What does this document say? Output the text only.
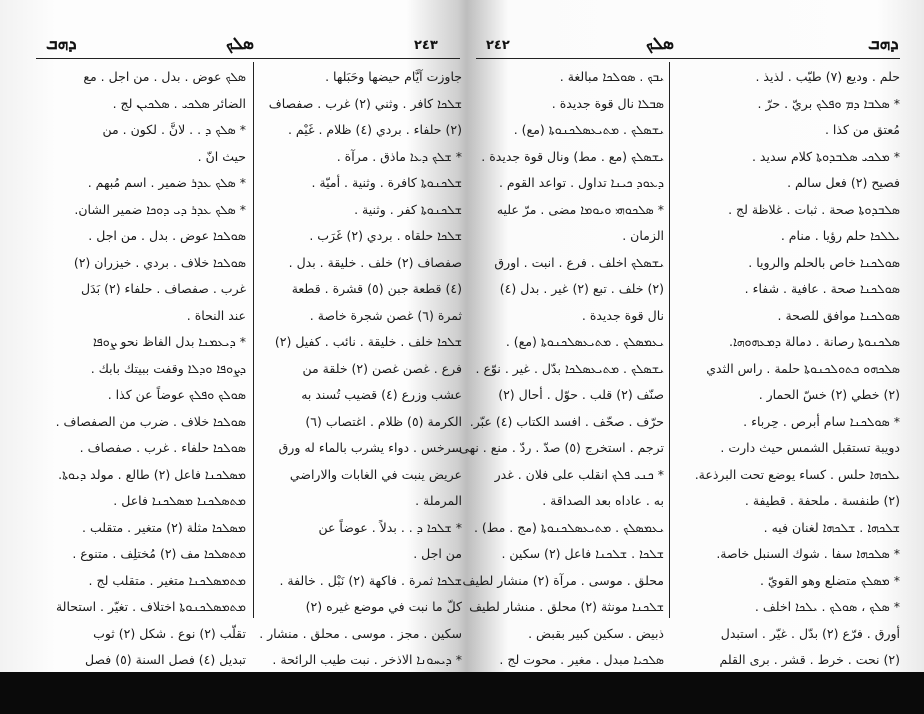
ܕܗܒ	ܣܠܟ	٢٤٣
ܣܠܟ عوض . بدل . من اجل . مع
الضائر ܣܠܟܝ . ܣܠܟܝܢ لج .
* ܣܠܟ ܕ . . لانَّ . لكون . من
حيث انّ .
* ܣܠܟ ܥܕܪ ضمير . اسم مُبهم .
* ܣܠܟ ܥܕܪ ܕܝ ܕܘܟܐ ضمير الشان.
ܣܘܠܟܐ عوض . بدل . من اجل .
ܣܘܠܟܐ خلاف . بردي . خيزران (٢)
غرب . صفصاف . حلفاء (٢) بَدَل
عند النحاة .
* ܕܝܥܡܢܐ بدل الفاظ نحو ܨܘܦܐ
ܕܨܘܦܐ ܘܕܠܐ وقفت ببيتك بابك .
ܣܘܠܟ ܘܦܠܟ عوضاً عن كذا .
ܣܘܠܟܐ خلاف . ضرب من الصفصاف .
ܣܘܠܟܐ حلفاء . غرب . صفصاف .
ܡܣܠܟܢܐ فاعل (٢) طالع . مولد ܕܝܘܬܐ.
ܡܬܣܠܟܢܐ ܡܣܠܟܢܐ فاعل .
ܡܣܠܟܐ مثلة (٢) متغير . متقلب .
ܡܬܣܠܟܐ مف (٢) مُختلِف . متنوع .
ܡܬܡܣܠܟܢܐ متغير . متقلب لج .
ܡܬܡܣܠܟܢܘܬܐ اختلاف . تغيّر . استحالة
تقلّب (٢) نوع . شكل (٢) ثوب
تبديل (٤) فصل السنة (٥) فصل
جاوزت آيَّام حيضها وحَبَلها .
ܫܠܟܐ كافر . وثني (٢) غرب . صفصاف
(٢) حلفاء . بردي (٤) ظلام . غَيْم .
* ܫܠܟ ܕܥܐ ماذق . مرآة .
ܫܠܟܢܘܬܐ كافرة . وثنية . أميّة .
ܫܠܟܢܘܬܐ كفر . وثنية .
ܫܠܟܐ حلقاه . بردي (٢) غَرَب .
صفصاف (٢) خلف . خليقة . بدل .
(٤) قطعة جبن (٥) قشرة . قطعة
ثمرة (٦) غصن شجرة خاصة .
ܫܠܟܐ خلف . خليقة . نائب . كفيل (٢)
فرع . غصن غصن (٢) خلقة من
عشب وزرع (٤) قضيب تُسند به
الكرمة (٥) ظلام . اغتصاب (٦)
سرخس . دواء يشرب بالماء له ورق
عريض ينبت في الغابات والاراضي
المرملة .
* ܫܠܟܐ ܕ . . بدلاً . عوضاً عن
من اجل .
ܫܠܟܐ ثمرة . فاكهة (٢) نَبْل . خالفة .
كلّ ما نبت في موضع غيره (٢)
سكين . مجز . موسى . محلق . منشار .
* ܕܝܚܘܢܐ الاذخر . نبت طيب الرائحة .
٢٤٢	ܣܠܟ	ܕܗܒ
ܝܒܟ . ܣܘܠܟܐ مبالغة .
ܣܒܠܐ نال قوة جديدة .
ܝܫܣܠܟ . ܡܬܝܥܣܠܟܢܘܬܐ (مع) .
ܝܫܣܠܟ (مع . مط) ونال قوة جديدة .
ܕܥܘܕ ܟܝܢܐ تداول . تواعد القوم .
* ܣܠܟܘܗܝ ܘܝܘܡܐ مضى . مرّ عليه
الزمان .
ܝܫܣܠܟ اخلف . فرع . انبت . اورق
(٢) خلف . تبع (٢) غير . بدل (٤)
نال قوة جديدة .
ܝܥܡܣܠܟ . ܡܬܝܥܣܠܟܢܘܬܐ (مع) .
ܝܫܣܠܟ . ܡܬܝܥܣܠܟܐ بدّل . غير . نوّع .
صنّف (٢) قلب . حوّل . أحال (٢)
حرّف . صحّف . افسد الكتاب (٤) عبّر.
ترجم . استخرج (٥) صدّ . ردّ . منع . نهى .
* ܟܢܝ ܦܠܟ انقلب على فلان . غدر
به . عاداه بعد الصداقة .
ܝܥܡܣܠܟ . ܡܬܝܥܣܠܟܢܘܬܐ (مج . مط) .
ܫܠܟܐ . ܫܠܟܢܐ فاعل (٢) سكين .
محلق . موسى . مرآة (٢) منشار لطيف .
ܫܠܟܢܐ مونثة (٢) محلق . منشار لطيف
ذبيض . سكين كبير بقبض .
ܣܠܟܝܐ مبدل . مغير . محوت لج .
حلم . وديع (٧) طيّب . لذيذ .
* ܣܠܒܐ ܕܡ ܘܦܠܟ بريّ . حرّ .
مُعتق من كذا .
* ܡܠܟܝ ܣܠܒܕܘܬܐ كلام سديد .
فصيح (٢) فعل سالم .
ܣܠܒܕܘܬܐ صحة . ثبات . غلاظة لج .
ܝܠܠܟܐ حلم رؤيا . منام .
ܣܘܠܟܢܐ خاص بالحلم والرويا .
ܣܘܠܟܢܐ صحة . عافية . شفاء .
ܣܘܠܟܢܐ موافق للصحة .
ܣܠܟܢܘܬܐ رصانة . دمالة ܕܡܥܗܘܗܐ.
ܣܠܟܗܘ ܟܬܘܠܟܢܘܬܐ حلمة . راس الثدي
(٢) خطي (٢) خسّ الحمار .
* ܣܘܠܟܢܐ سام أبرص . حِرباء .
دويبة تستقبل الشمس حيث دارت .
ܝܠܟܗܐ حلس . كساء يوضع تحت البرذعة.
(٢) طنفسة . ملحفة . قطيفة .
ܫܠܟܗܐ . ܫܠܟܗܐ لغنان فيه .
* ܣܠܟܗܐ سفا . شوك السنبل خاصة.
* ܡܣܠܟ متضلع وهو القويّ .
* ܣܠܟ ، ܣܘܠܟ . ܝܠܟܐ اخلف .
أورق . فرّع (٢) بدّل . غيّر . استبدل
(٢) نحت . خرط . قشر . برى القلم
